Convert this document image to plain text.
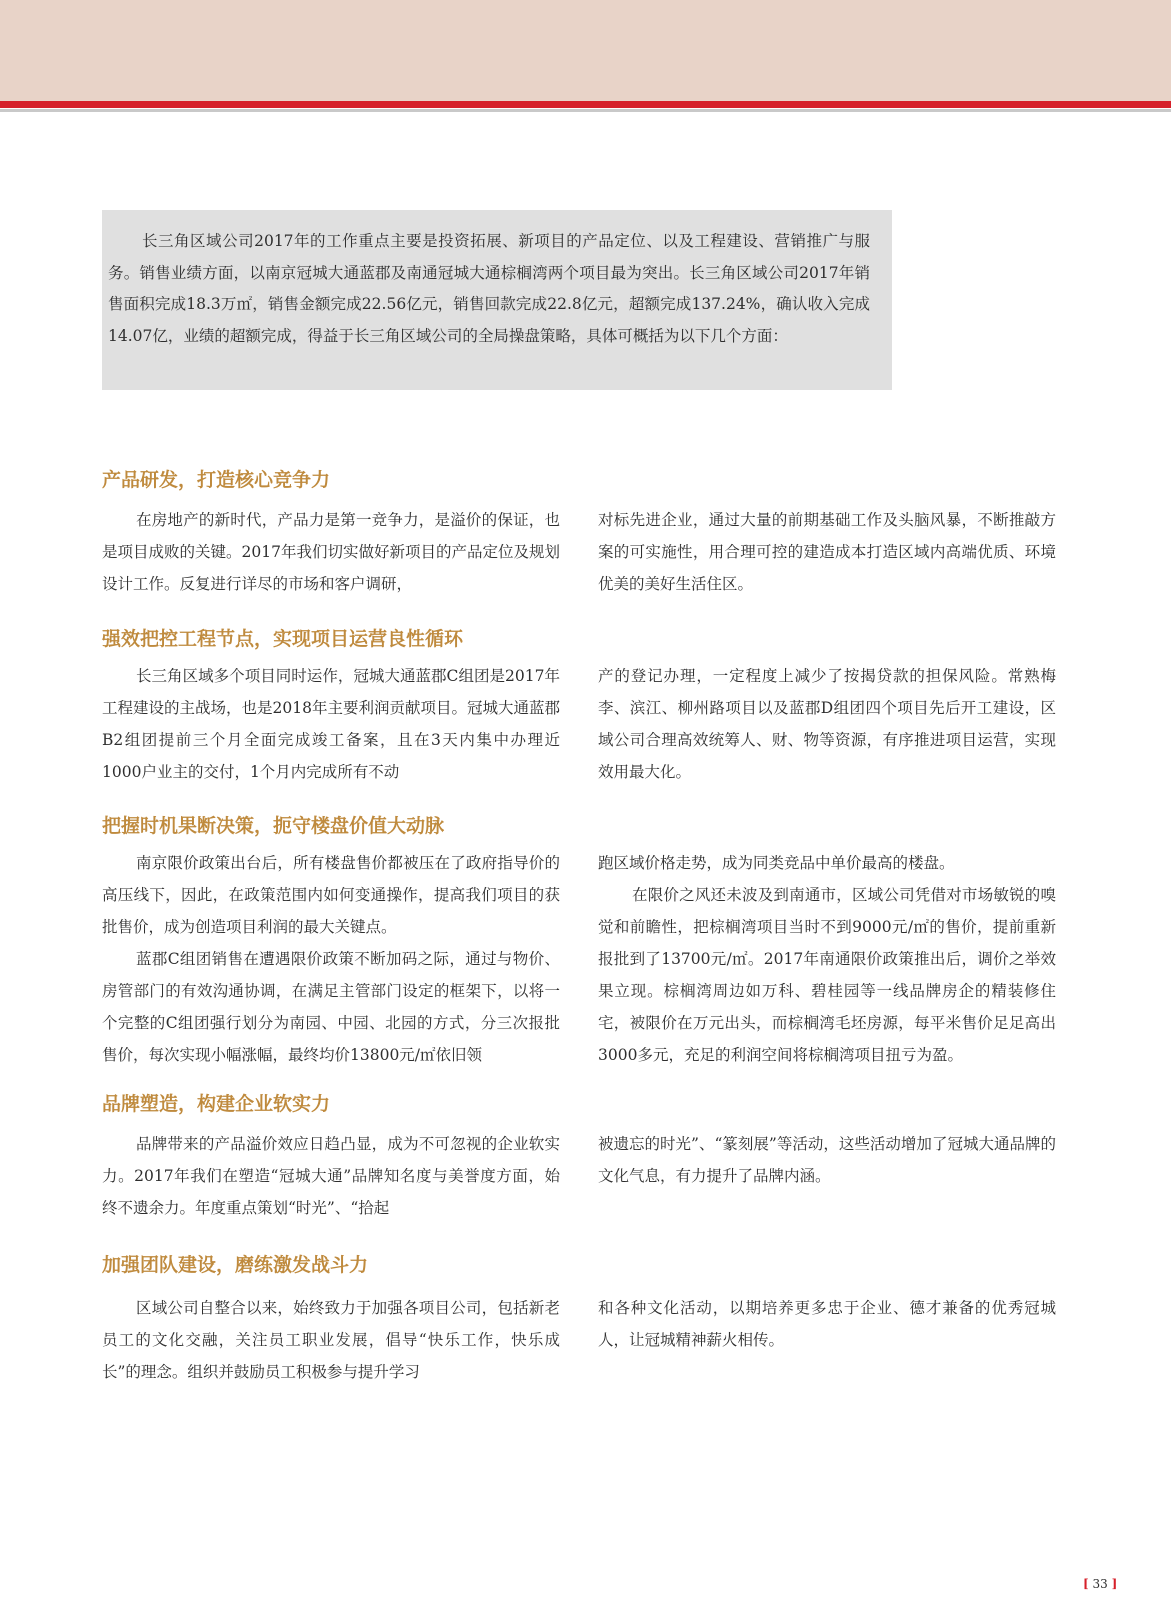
长三角区域公司2017年的工作重点主要是投资拓展、新项目的产品定位、以及工程建设、营销推广与服务。销售业绩方面，以南京冠城大通蓝郡及南通冠城大通棕榈湾两个项目最为突出。长三角区域公司2017年销售面积完成18.3万㎡，销售金额完成22.56亿元，销售回款完成22.8亿元，超额完成137.24%，确认收入完成14.07亿，业绩的超额完成，得益于长三角区域公司的全局操盘策略，具体可概括为以下几个方面：

产品研发，打造核心竞争力

在房地产的新时代，产品力是第一竞争力，是溢价的保证，也是项目成败的关键。2017年我们切实做好新项目的产品定位及规划设计工作。反复进行详尽的市场和客户调研，

对标先进企业，通过大量的前期基础工作及头脑风暴，不断推敲方案的可实施性，用合理可控的建造成本打造区域内高端优质、环境优美的美好生活住区。

强效把控工程节点，实现项目运营良性循环

长三角区域多个项目同时运作，冠城大通蓝郡C组团是2017年工程建设的主战场，也是2018年主要利润贡献项目。冠城大通蓝郡B2组团提前三个月全面完成竣工备案，且在3天内集中办理近1000户业主的交付，1个月内完成所有不动

产的登记办理，一定程度上减少了按揭贷款的担保风险。常熟梅李、滨江、柳州路项目以及蓝郡D组团四个项目先后开工建设，区域公司合理高效统筹人、财、物等资源，有序推进项目运营，实现效用最大化。

把握时机果断决策，扼守楼盘价值大动脉

南京限价政策出台后，所有楼盘售价都被压在了政府指导价的高压线下，因此，在政策范围内如何变通操作，提高我们项目的获批售价，成为创造项目利润的最大关键点。

蓝郡C组团销售在遭遇限价政策不断加码之际，通过与物价、房管部门的有效沟通协调，在满足主管部门设定的框架下，以将一个完整的C组团强行划分为南园、中园、北园的方式，分三次报批售价，每次实现小幅涨幅，最终均价13800元/㎡依旧领

跑区域价格走势，成为同类竞品中单价最高的楼盘。

在限价之风还未波及到南通市，区域公司凭借对市场敏锐的嗅觉和前瞻性，把棕榈湾项目当时不到9000元/㎡的售价，提前重新报批到了13700元/㎡。2017年南通限价政策推出后，调价之举效果立现。棕榈湾周边如万科、碧桂园等一线品牌房企的精装修住宅，被限价在万元出头，而棕榈湾毛坯房源，每平米售价足足高出3000多元，充足的利润空间将棕榈湾项目扭亏为盈。

品牌塑造，构建企业软实力

品牌带来的产品溢价效应日趋凸显，成为不可忽视的企业软实力。2017年我们在塑造“冠城大通”品牌知名度与美誉度方面，始终不遗余力。年度重点策划“时光”、“拾起

被遗忘的时光”、“篆刻展”等活动，这些活动增加了冠城大通品牌的文化气息，有力提升了品牌内涵。

加强团队建设，磨练激发战斗力

区域公司自整合以来，始终致力于加强各项目公司，包括新老员工的文化交融，关注员工职业发展，倡导“快乐工作，快乐成长”的理念。组织并鼓励员工积极参与提升学习

和各种文化活动，以期培养更多忠于企业、德才兼备的优秀冠城人，让冠城精神薪火相传。

[ 33 ]
